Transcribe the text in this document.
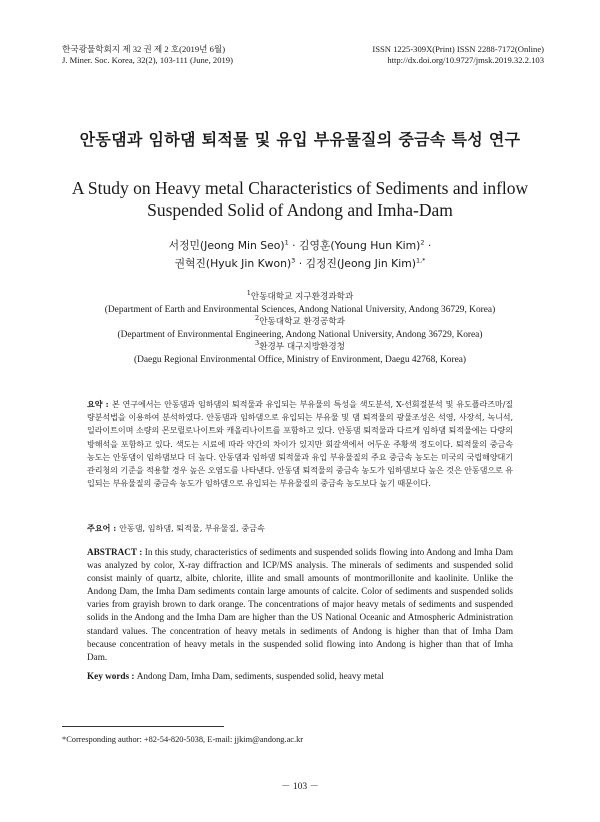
한국광물학회지 제 32 권 제 2 호(2019년 6월)
J. Miner. Soc. Korea, 32(2), 103-111 (June, 2019)
ISSN 1225-309X(Print) ISSN 2288-7172(Online)
http://dx.doi.org/10.9727/jmsk.2019.32.2.103
안동댐과 임하댐 퇴적물 및 유입 부유물질의 중금속 특성 연구
A Study on Heavy metal Characteristics of Sediments and inflow
Suspended Solid of Andong and Imha-Dam
서정민(Jeong Min Seo)$^1$ · 김영훈(Young Hun Kim)$^2$ ·
권혁진(Hyuk Jin Kwon)$^3$ · 김정진(Jeong Jin Kim)$^{1,*}$
$^1$안동대학교 지구환경과학과
(Department of Earth and Environmental Sciences, Andong National University, Andong 36729, Korea)
$^2$안동대학교 환경공학과
(Department of Environmental Engineering, Andong National University, Andong 36729, Korea)
$^3$환경부 대구지방환경청
(Daegu Regional Environmental Office, Ministry of Environment, Daegu 42768, Korea)
요약 : 본 연구에서는 안동댐과 임하댐의 퇴적물과 유입되는 부유물의 특성을 색도분석, X-선회절분석 및 유도플라즈마/질량분석법을 이용하여 분석하였다. 안동댐과 임하댐으로 유입되는 부유물 및 댐 퇴적물의 광물조성은 석영, 사장석, 녹니석, 일라이트이며 소량의 몬모릴로나이트와 캐올리나이트를 포함하고 있다. 안동댐 퇴적물과 다르게 임하댐 퇴적물에는 다량의 방해석을 포함하고 있다. 색도는 시료에 따라 약간의 차이가 있지만 회갈색에서 어두운 주황색 정도이다. 퇴적물의 중금속 농도는 안동댐이 임하댐보다 더 높다. 안동댐과 임하댐 퇴적물과 유입 부유물질의 주요 중금속 농도는 미국의 국립해양대기관리청의 기준을 적용할 경우 높은 오염도를 나타낸다. 안동댐 퇴적물의 중금속 농도가 임하댐보다 높은 것은 안동댐으로 유입되는 부유물질의 중금속 농도가 임하댐으로 유입되는 부유물질의 중금속 농도보다 높기 때문이다.
주요어 : 안동댐, 임하댐, 퇴적물, 부유물질, 중금속
ABSTRACT : In this study, characteristics of sediments and suspended solids flowing into Andong and Imha Dam was analyzed by color, X-ray diffraction and ICP/MS analysis. The minerals of sediments and suspended solid consist mainly of quartz, albite, chlorite, illite and small amounts of montmorillonite and kaolinite. Unlike the Andong Dam, the Imha Dam sediments contain large amounts of calcite. Color of sediments and suspended solids varies from grayish brown to dark orange. The concentrations of major heavy metals of sediments and suspended solids in the Andong and the Imha Dam are higher than the US National Oceanic and Atmospheric Administration standard values. The concentration of heavy metals in sediments of Andong is higher than that of Imha Dam because concentration of heavy metals in the suspended solid flowing into Andong is higher than that of Imha Dam.
Key words : Andong Dam, Imha Dam, sediments, suspended solid, heavy metal
*Corresponding author: +82-54-820-5038, E-mail: jjkim@andong.ac.kr
－ 103 －
